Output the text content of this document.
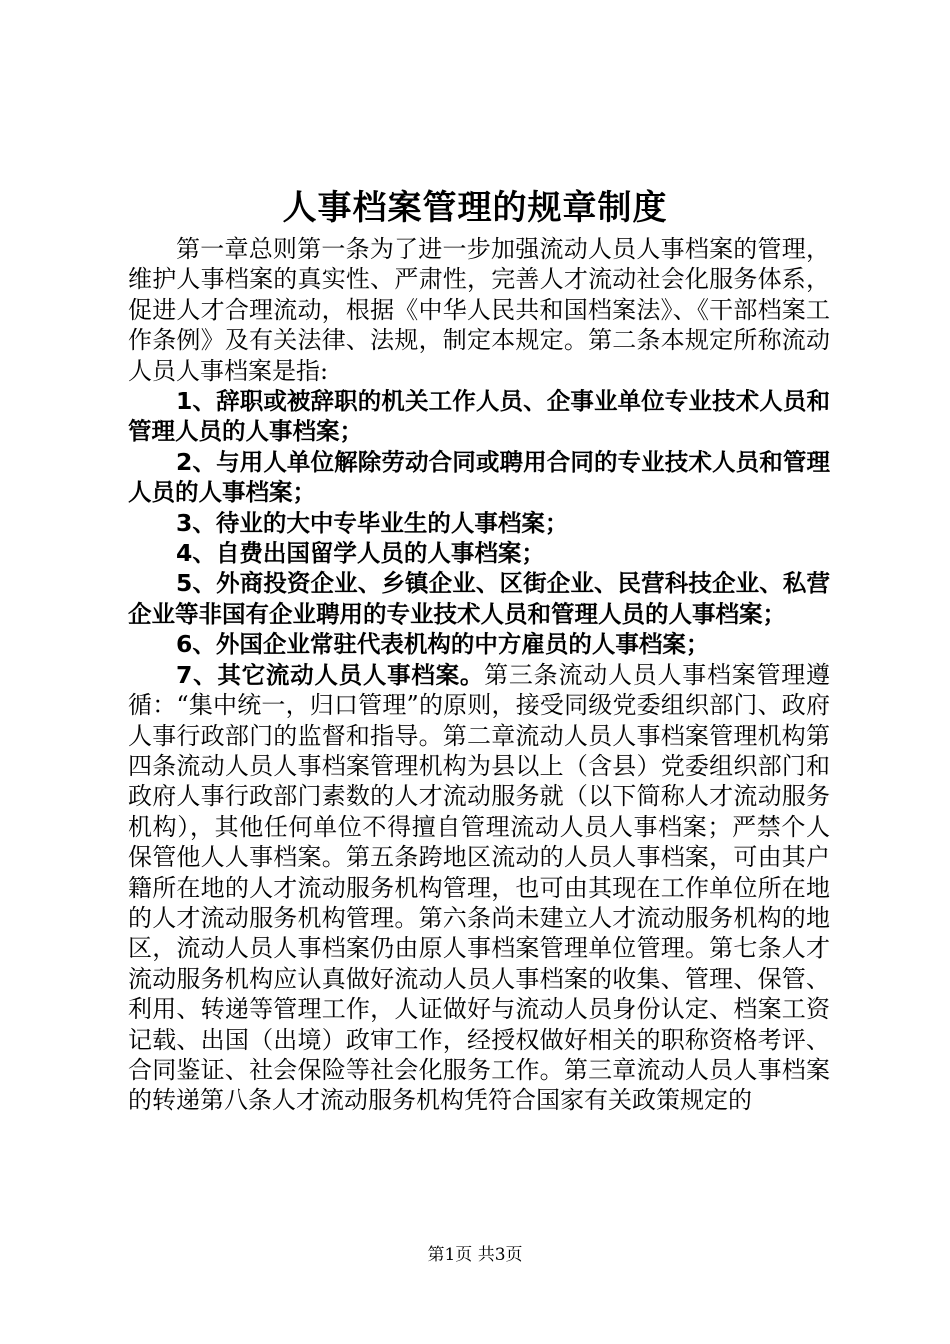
人事档案管理的规章制度

第一章总则第一条为了进一步加强流动人员人事档案的管理，维护人事档案的真实性、严肃性，完善人才流动社会化服务体系，促进人才合理流动，根据《中华人民共和国档案法》、《干部档案工作条例》及有关法律、法规，制定本规定。第二条本规定所称流动人员人事档案是指:

1、辞职或被辞职的机关工作人员、企事业单位专业技术人员和管理人员的人事档案；

2、与用人单位解除劳动合同或聘用合同的专业技术人员和管理人员的人事档案；

3、待业的大中专毕业生的人事档案；

4、自费出国留学人员的人事档案；

5、外商投资企业、乡镇企业、区街企业、民营科技企业、私营企业等非国有企业聘用的专业技术人员和管理人员的人事档案；

6、外国企业常驻代表机构的中方雇员的人事档案；

7、其它流动人员人事档案。第三条流动人员人事档案管理遵循：“集中统一，归口管理”的原则，接受同级党委组织部门、政府人事行政部门的监督和指导。第二章流动人员人事档案管理机构第四条流动人员人事档案管理机构为县以上（含县）党委组织部门和政府人事行政部门素数的人才流动服务就（以下简称人才流动服务机构），其他任何单位不得擅自管理流动人员人事档案；严禁个人保管他人人事档案。第五条跨地区流动的人员人事档案，可由其户籍所在地的人才流动服务机构管理，也可由其现在工作单位所在地的人才流动服务机构管理。第六条尚未建立人才流动服务机构的地区，流动人员人事档案仍由原人事档案管理单位管理。第七条人才流动服务机构应认真做好流动人员人事档案的收集、管理、保管、利用、转递等管理工作，人证做好与流动人员身份认定、档案工资记载、出国（出境）政审工作，经授权做好相关的职称资格考评、合同鉴证、社会保险等社会化服务工作。第三章流动人员人事档案的转递第八条人才流动服务机构凭符合国家有关政策规定的

第1页 共3页
